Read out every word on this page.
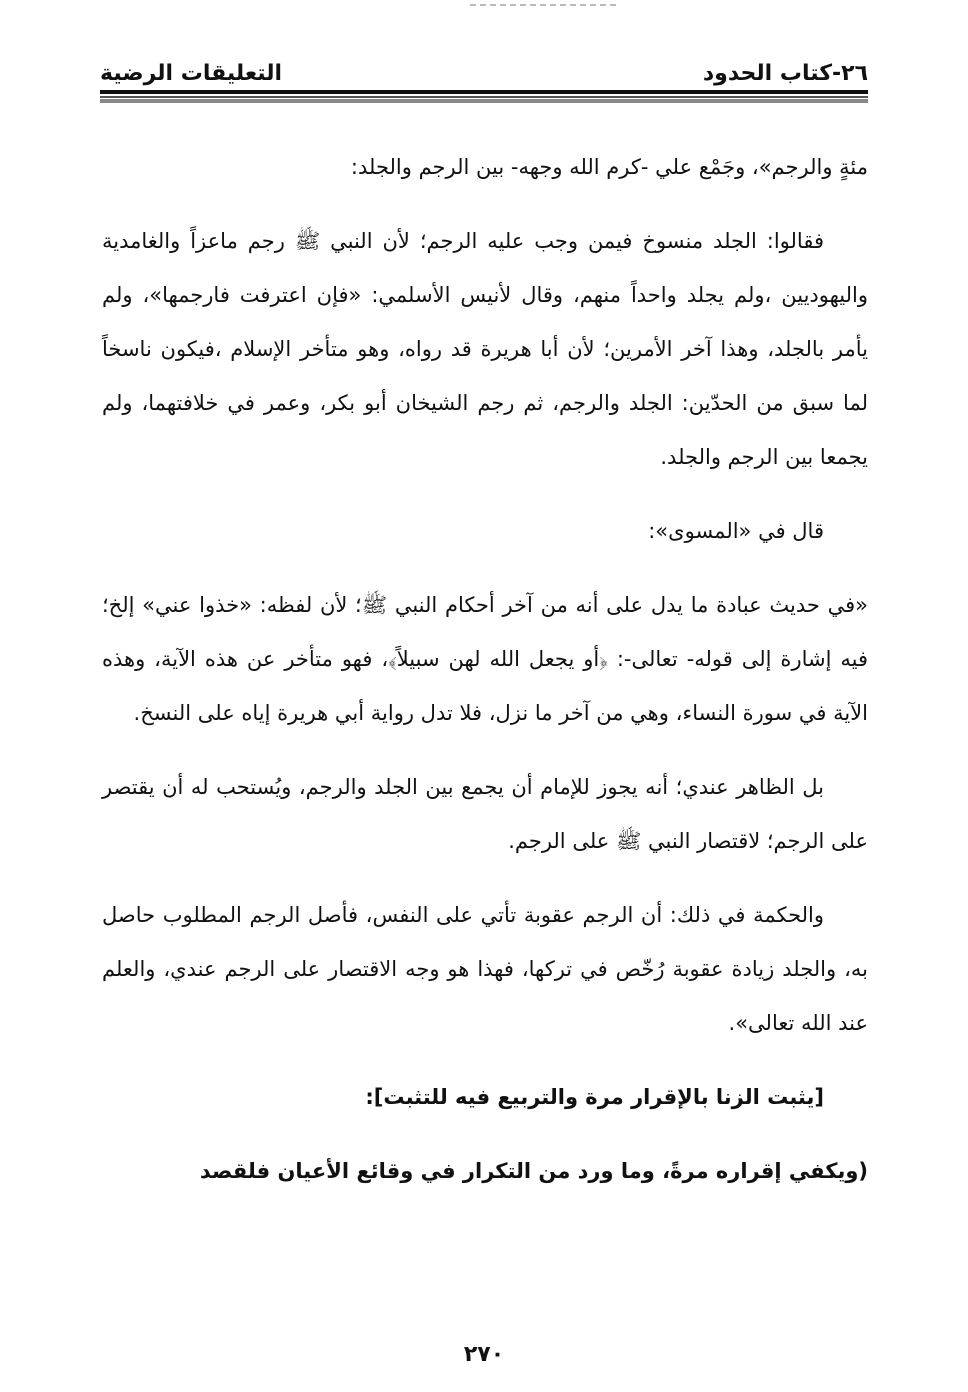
٢٦-كتاب الحدود
التعليقات الرضية

مئةٍ والرجم»، وجَمْع علي -كرم الله وجهه- بين الرجم والجلد:

فقالوا: الجلد منسوخ فيمن وجب عليه الرجم؛ لأن النبي ﷺ رجم ماعزاً والغامدية واليهوديين ،ولم يجلد واحداً منهم، وقال لأنيس الأسلمي: «فإن اعترفت فارجمها»، ولم يأمر بالجلد، وهذا آخر الأمرين؛ لأن أبا هريرة قد رواه، وهو متأخر الإسلام ،فيكون ناسخاً لما سبق من الحدّين: الجلد والرجم، ثم رجم الشيخان أبو بكر، وعمر في خلافتهما، ولم يجمعا بين الرجم والجلد.

قال في «المسوى»:

«في حديث عبادة ما يدل على أنه من آخر أحكام النبي ﷺ؛ لأن لفظه: «خذوا عني» إلخ؛ فيه إشارة إلى قوله- تعالى-: ﴿أو يجعل الله لهن سبيلاً﴾، فهو متأخر عن هذه الآية، وهذه الآية في سورة النساء، وهي من آخر ما نزل، فلا تدل رواية أبي هريرة إياه على النسخ.

بل الظاهر عندي؛ أنه يجوز للإمام أن يجمع بين الجلد والرجم، ويُستحب له أن يقتصر على الرجم؛ لاقتصار النبي ﷺ على الرجم.

والحكمة في ذلك: أن الرجم عقوبة تأتي على النفس، فأصل الرجم المطلوب حاصل به، والجلد زيادة عقوبة رُخّص في تركها، فهذا هو وجه الاقتصار على الرجم عندي، والعلم عند الله تعالى».

[يثبت الزنا بالإقرار مرة والتربيع فيه للتثبت]:

(ويكفي إقراره مرةً، وما ورد من التكرار في وقائع الأعيان فلقصد

٢٧٠
